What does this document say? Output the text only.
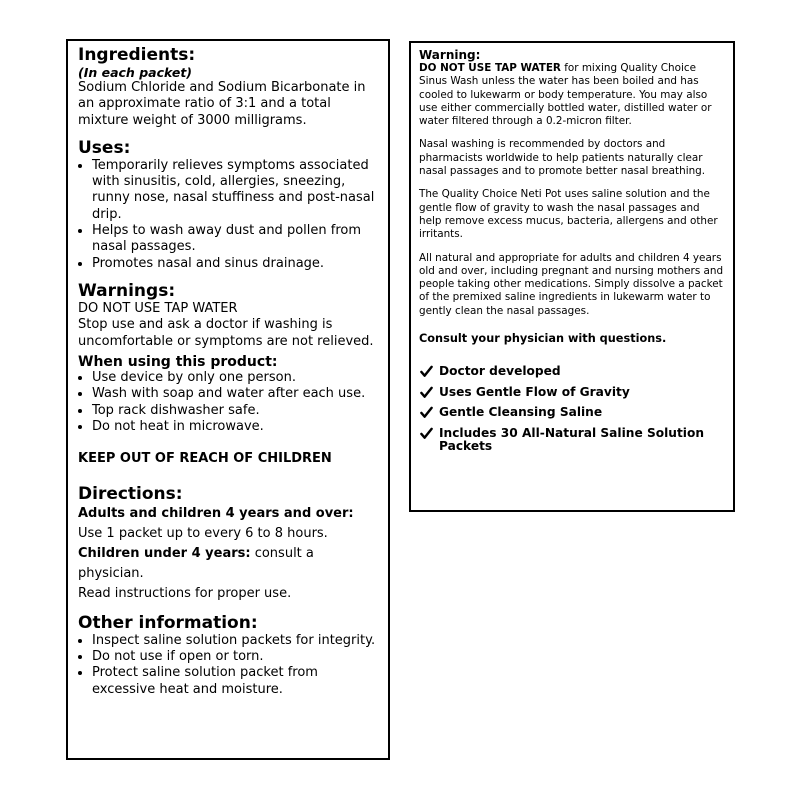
Ingredients:
(In each packet)
Sodium Chloride and Sodium Bicarbonate in an approximate ratio of 3:1 and a total mixture weight of 3000 milligrams.
Uses:
• Temporarily relieves symptoms associated with sinusitis, cold, allergies, sneezing, runny nose, nasal stuffiness and post-nasal drip.
• Helps to wash away dust and pollen from nasal passages.
• Promotes nasal and sinus drainage.
Warnings:
DO NOT USE TAP WATER
Stop use and ask a doctor if washing is uncomfortable or symptoms are not relieved.
When using this product:
• Use device by only one person.
• Wash with soap and water after each use.
• Top rack dishwasher safe.
• Do not heat in microwave.
KEEP OUT OF REACH OF CHILDREN
Directions:
Adults and children 4 years and over:
Use 1 packet up to every 6 to 8 hours.
Children under 4 years: consult a physician.
Read instructions for proper use.
Other information:
• Inspect saline solution packets for integrity.
• Do not use if open or torn.
• Protect saline solution packet from excessive heat and moisture.
Warning:

DO NOT USE TAP WATER for mixing Quality Choice Sinus Wash unless the water has been boiled and has cooled to lukewarm or body temperature. You may also use either commercially bottled water, distilled water or water filtered through a 0.2-micron filter.

Nasal washing is recommended by doctors and pharmacists worldwide to help patients naturally clear nasal passages and to promote better nasal breathing.

The Quality Choice Neti Pot uses saline solution and the gentle flow of gravity to wash the nasal passages and help remove excess mucus, bacteria, allergens and other irritants.

All natural and appropriate for adults and children 4 years old and over, including pregnant and nursing mothers and people taking other medications. Simply dissolve a packet of the premixed saline ingredients in lukewarm water to gently clean the nasal passages.

Consult your physician with questions.
Doctor developed
Uses Gentle Flow of Gravity
Gentle Cleansing Saline
Includes 30 All-Natural Saline Solution Packets
